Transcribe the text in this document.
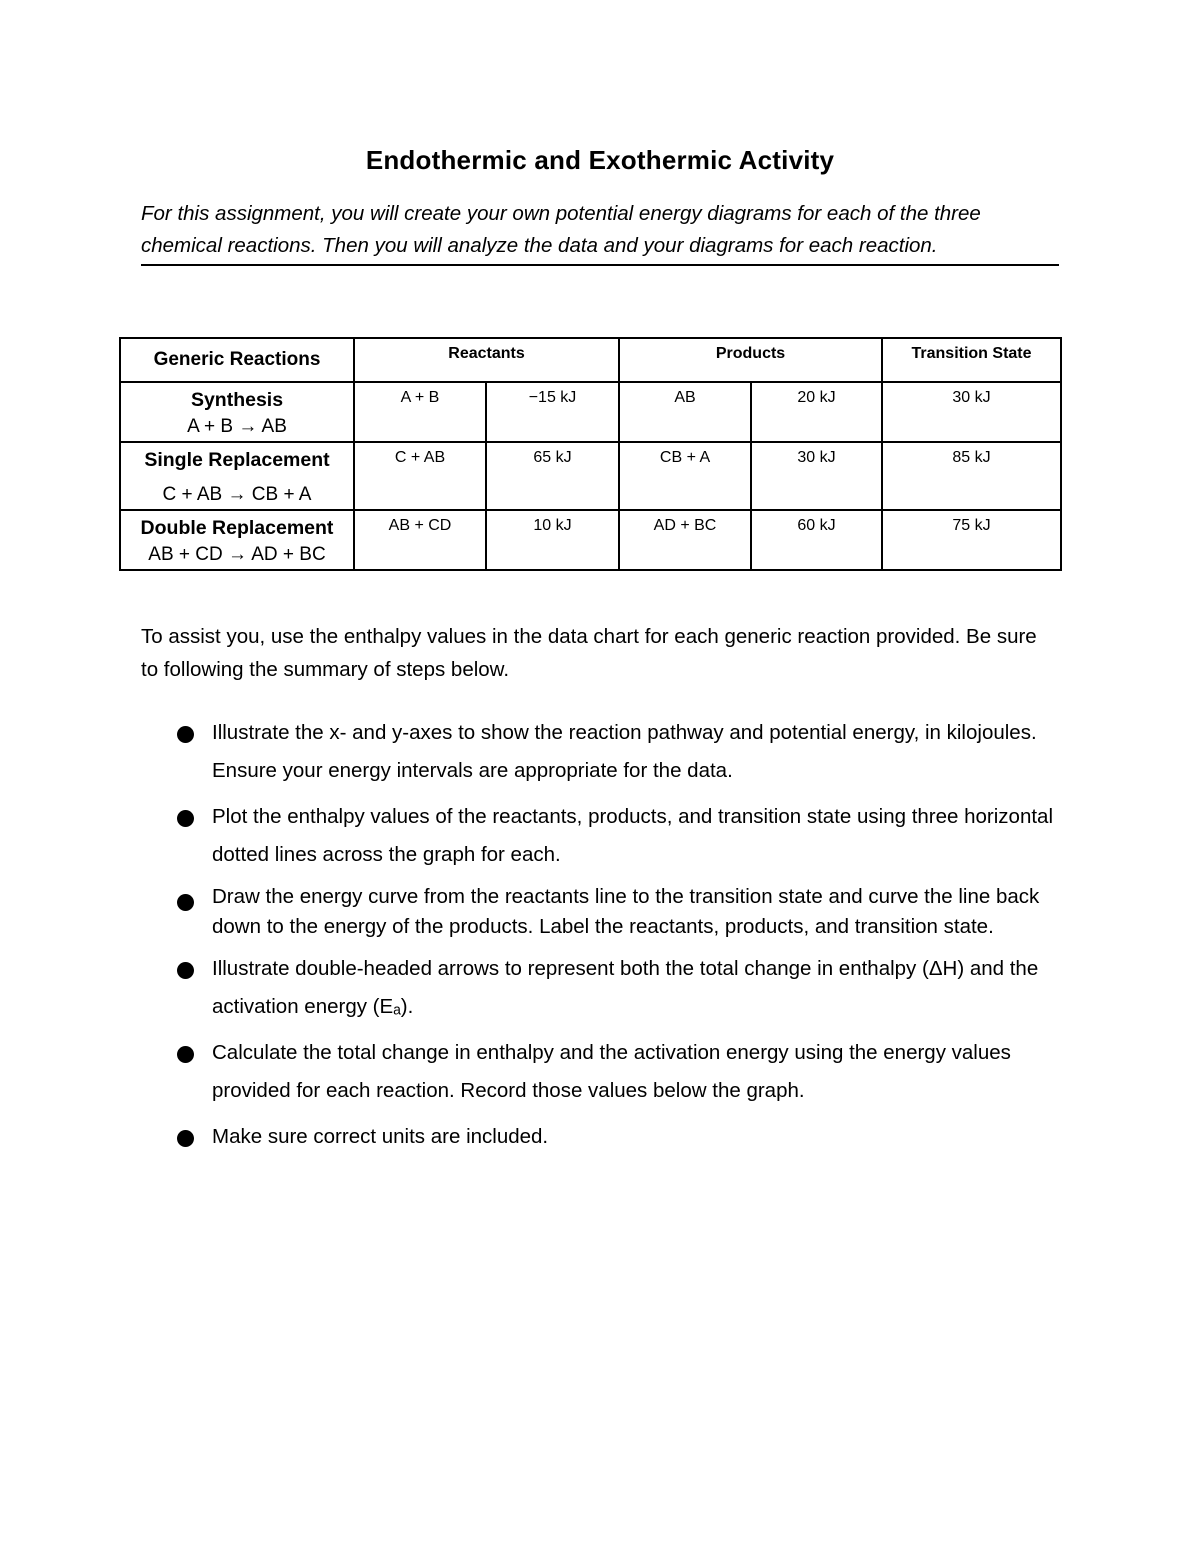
Endothermic and Exothermic Activity
For this assignment, you will create your own potential energy diagrams for each of the three chemical reactions. Then you will analyze the data and your diagrams for each reaction.
Generic Reactions	Reactants		Products		Transition State

Synthesis
A + B → AB	A + B	−15 kJ	AB	20 kJ	30 kJ

Single Replacement
C + AB → CB + A	C + AB	65 kJ	CB + A	30 kJ	85 kJ

Double Replacement
AB + CD → AD + BC	AB + CD	10 kJ	AD + BC	60 kJ	75 kJ
To assist you, use the enthalpy values in the data chart for each generic reaction provided. Be sure to following the summary of steps below.
Illustrate the x- and y-axes to show the reaction pathway and potential energy, in kilojoules. Ensure your energy intervals are appropriate for the data.
Plot the enthalpy values of the reactants, products, and transition state using three horizontal dotted lines across the graph for each.
Draw the energy curve from the reactants line to the transition state and curve the line back down to the energy of the products. Label the reactants, products, and transition state.
Illustrate double-headed arrows to represent both the total change in enthalpy (ΔH) and the activation energy (Eₐ).
Calculate the total change in enthalpy and the activation energy using the energy values provided for each reaction. Record those values below the graph.
Make sure correct units are included.
